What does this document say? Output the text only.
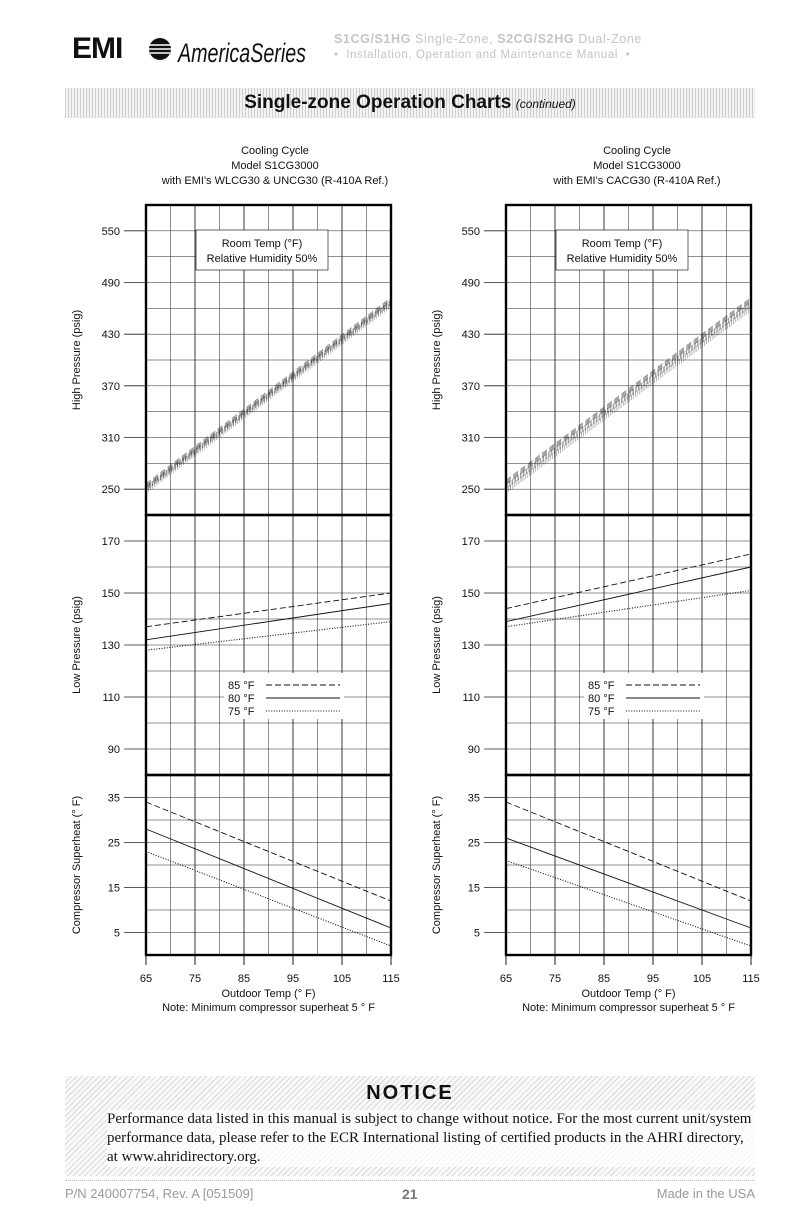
EMI AmericaSeries S1CG/S1HG Single-Zone, S2CG/S2HG Dual-Zone
•  Installation, Operation and Maintenance Manual  •
Single-zone Operation Charts (continued)
Cooling Cycle
Model S1CG3000
with EMI's WLCG30 & UNCG30 (R-410A Ref.)
Cooling Cycle
Model S1CG3000
with EMI's CACG30 (R-410A Ref.)
250
310
370
430
490
550
High Pressure (psig)
90
110
130
150
170
Low Pressure (psig)
5
15
25
35
Compressor Superheat (° F)
Room Temp (°F)
Relative Humidity 50%
85 °F
80 °F
75 °F
65	75	85	95	105	115
Outdoor Temp (° F)
Note: Minimum compressor superheat 5 ° F
250
310
370
430
490
550
High Pressure (psig)
90
110
130
150
170
Low Pressure (psig)
5
15
25
35
Compressor Superheat (° F)
Room Temp (°F)
Relative Humidity 50%
85 °F
80 °F
75 °F
65	75	85	95	105	115
Outdoor Temp (° F)
Note: Minimum compressor superheat 5 ° F
NOTICE
Performance data listed in this manual is subject to change without notice. For the most current unit/system performance data, please refer to the ECR International listing of certified products in the AHRI directory, at www.ahridirectory.org.
P/N 240007754, Rev. A [051509]	21	Made in the USA
